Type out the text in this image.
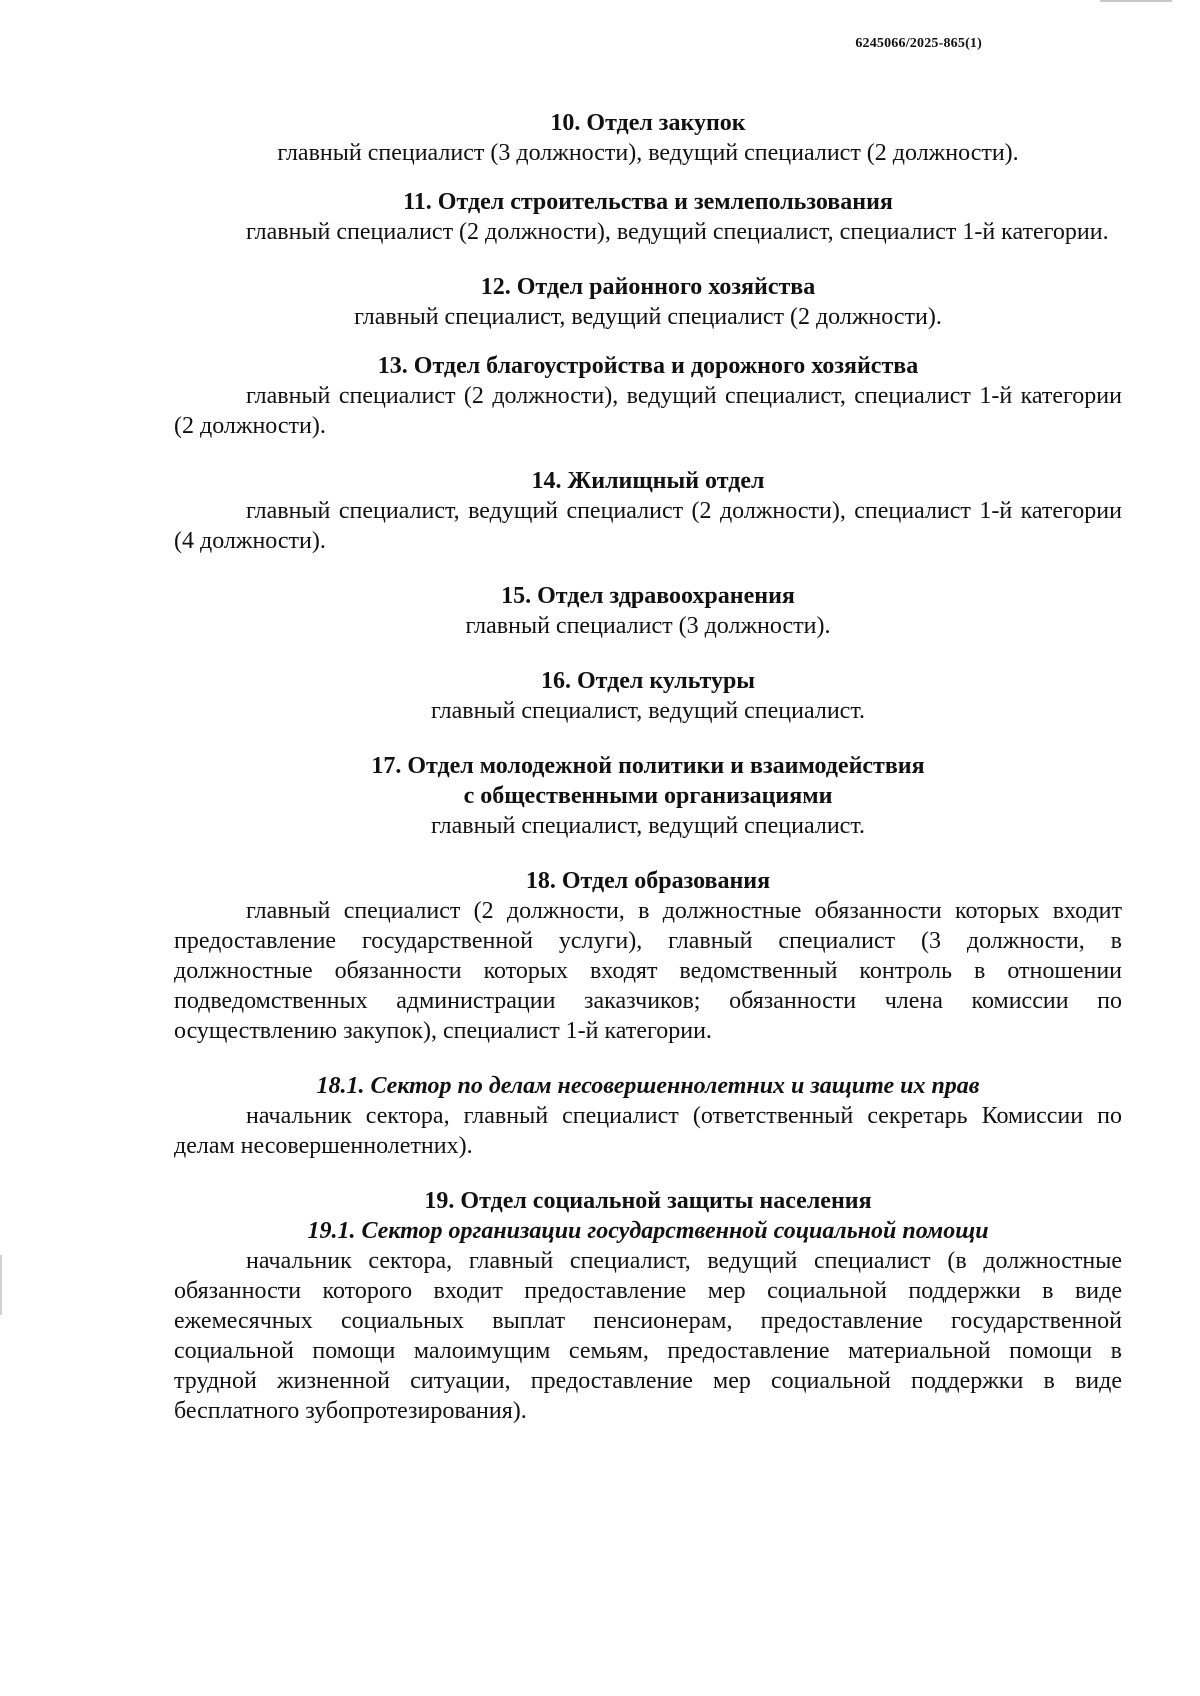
6245066/2025-865(1)

10. Отдел закупок

главный специалист (3 должности), ведущий специалист (2 должности).

11. Отдел строительства и землепользования

главный специалист (2 должности), ведущий специалист, специалист 1-й категории.

12. Отдел районного хозяйства

главный специалист, ведущий специалист (2 должности).

13. Отдел благоустройства и дорожного хозяйства

главный специалист (2 должности), ведущий специалист, специалист 1-й категории (2 должности).

14. Жилищный отдел

главный специалист, ведущий специалист (2 должности), специалист 1-й категории (4 должности).

15. Отдел здравоохранения

главный специалист (3 должности).

16. Отдел культуры

главный специалист, ведущий специалист.

17. Отдел молодежной политики и взаимодействия

с общественными организациями

главный специалист, ведущий специалист.

18. Отдел образования

главный специалист (2 должности, в должностные обязанности которых входит предоставление государственной услуги), главный специалист (3 должности, в должностные обязанности которых входят ведомственный контроль в отношении подведомственных администрации заказчиков; обязанности члена комиссии по осуществлению закупок), специалист 1-й категории.

18.1. Сектор по делам несовершеннолетних и защите их прав

начальник сектора, главный специалист (ответственный секретарь Комиссии по делам несовершеннолетних).

19. Отдел социальной защиты населения

19.1. Сектор организации государственной социальной помощи

начальник сектора, главный специалист, ведущий специалист (в должностные обязанности которого входит предоставление мер социальной поддержки в виде ежемесячных социальных выплат пенсионерам, предоставление государственной социальной помощи малоимущим семьям, предоставление материальной помощи в трудной жизненной ситуации, предоставление мер социальной поддержки в виде бесплатного зубопротезирования).
